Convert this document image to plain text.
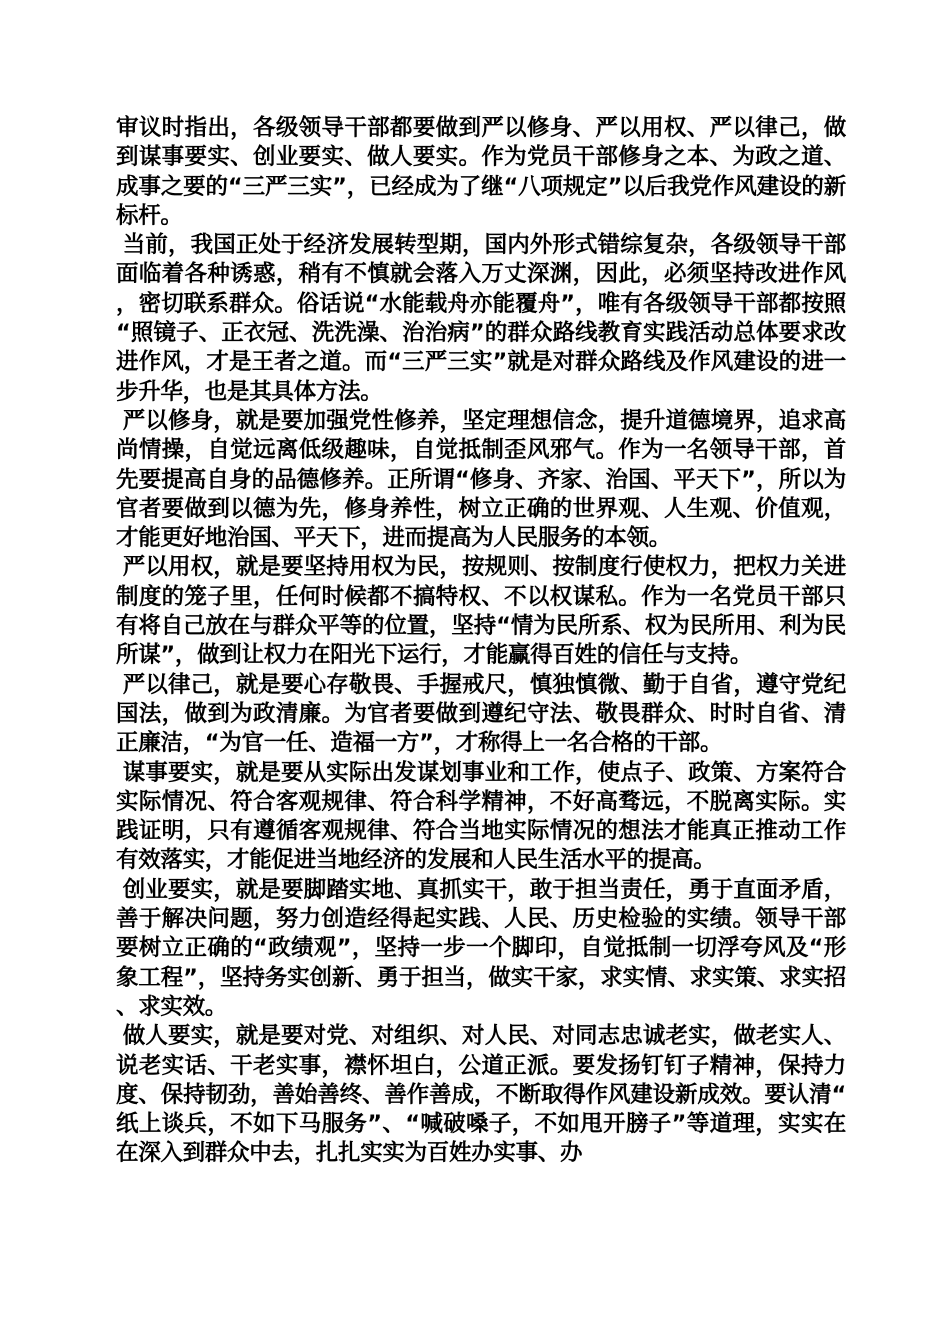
审议时指出，各级领导干部都要做到严以修身、严以用权、严以律己，做到谋事要实、创业要实、做人要实。作为党员干部修身之本、为政之道、成事之要的“三严三实”，已经成为了继“八项规定”以后我党作风建设的新标杆。

当前，我国正处于经济发展转型期，国内外形式错综复杂，各级领导干部面临着各种诱惑，稍有不慎就会落入万丈深渊，因此，必须坚持改进作风，密切联系群众。俗话说“水能载舟亦能覆舟”，唯有各级领导干部都按照“照镜子、正衣冠、洗洗澡、治治病”的群众路线教育实践活动总体要求改进作风，才是王者之道。而“三严三实”就是对群众路线及作风建设的进一步升华，也是其具体方法。

严以修身，就是要加强党性修养，坚定理想信念，提升道德境界，追求高尚情操，自觉远离低级趣味，自觉抵制歪风邪气。作为一名领导干部，首先要提高自身的品德修养。正所谓“修身、齐家、治国、平天下”，所以为官者要做到以德为先，修身养性，树立正确的世界观、人生观、价值观，才能更好地治国、平天下，进而提高为人民服务的本领。

严以用权，就是要坚持用权为民，按规则、按制度行使权力，把权力关进制度的笼子里，任何时候都不搞特权、不以权谋私。作为一名党员干部只有将自己放在与群众平等的位置，坚持“情为民所系、权为民所用、利为民所谋”，做到让权力在阳光下运行，才能赢得百姓的信任与支持。

严以律己，就是要心存敬畏、手握戒尺，慎独慎微、勤于自省，遵守党纪国法，做到为政清廉。为官者要做到遵纪守法、敬畏群众、时时自省、清正廉洁，“为官一任、造福一方”，才称得上一名合格的干部。

谋事要实，就是要从实际出发谋划事业和工作，使点子、政策、方案符合实际情况、符合客观规律、符合科学精神，不好高骛远，不脱离实际。实践证明，只有遵循客观规律、符合当地实际情况的想法才能真正推动工作有效落实，才能促进当地经济的发展和人民生活水平的提高。

创业要实，就是要脚踏实地、真抓实干，敢于担当责任，勇于直面矛盾，善于解决问题，努力创造经得起实践、人民、历史检验的实绩。领导干部要树立正确的“政绩观”，坚持一步一个脚印，自觉抵制一切浮夸风及“形象工程”，坚持务实创新、勇于担当，做实干家，求实情、求实策、求实招、求实效。

做人要实，就是要对党、对组织、对人民、对同志忠诚老实，做老实人、说老实话、干老实事，襟怀坦白，公道正派。要发扬钉钉子精神，保持力度、保持韧劲，善始善终、善作善成，不断取得作风建设新成效。要认清“纸上谈兵，不如下马服务”、“喊破嗓子，不如甩开膀子”等道理，实实在在深入到群众中去，扎扎实实为百姓办实事、办
